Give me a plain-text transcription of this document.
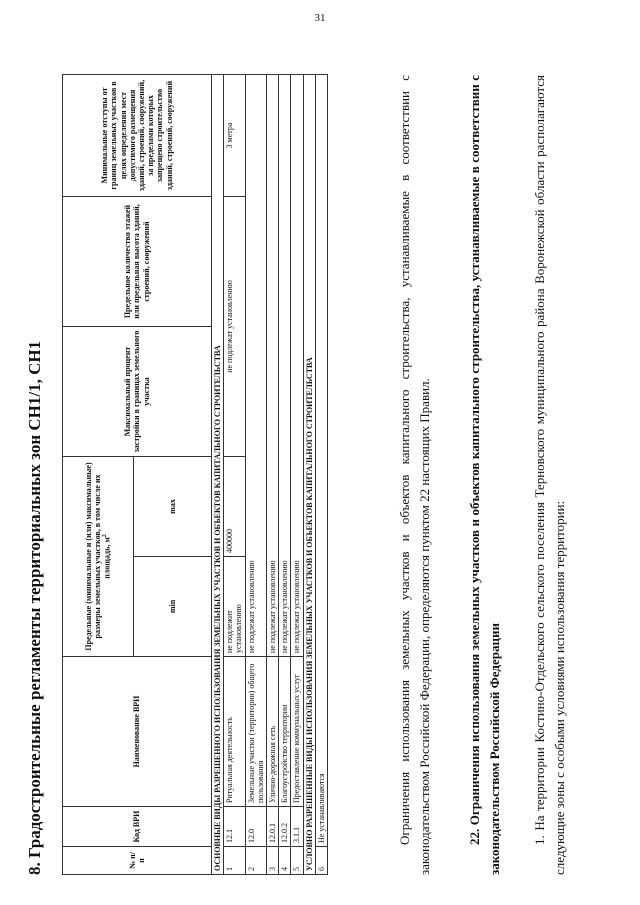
31
8. Градостроительные регламенты территориальных зон СН1/1, СН1	№ п/п	Код ВРИ	Наименование ВРИ	Предельные (минимальные и (или) максимальные) размеры земельных участков, в том числе их площадь, $м^2$		Максимальный процент застройки в границах земельного участка	Предельное количество этажей или предельная высота зданий, строений, сооружений	Минимальные отступы от границ земельных участков в целях определения мест допустимого размещения зданий, строений, сооружений, за пределами которых запрещено строительство зданий, строений, сооружений
			min	max			
ОСНОВНЫЕ ВИДЫ РАЗРЕШЕННОГО ИСПОЛЬЗОВАНИЯ ЗЕМЕЛЬНЫХ УЧАСТКОВ И ОБЪЕКТОВ КАПИТАЛЬНОГО СТРОИТЕЛЬСТВА							
1	12.1	Ритуальная деятельность	не подлежит установлению	400000	не подлежат установлению		3 метра
2	12.0	Земельные участки (территории) общего пользования	не подлежат установлению				
3	12.0.1	Улично-дорожная сеть	не подлежат установлению				
4	12.0.2	Благоустройство территории	не подлежат установлению				
5	3.1.1	Предоставление коммунальных услуг	не подлежат установлению				
УСЛОВНО РАЗРЕШЕННЫЕ ВИДЫ ИСПОЛЬЗОВАНИЯ ЗЕМЕЛЬНЫХ УЧАСТКОВ И ОБЪЕКТОВ КАПИТАЛЬНОГО СТРОИТЕЛЬСТВА							
6	Не устанавливаются							Ограничения использования земельных участков и объектов капитального строительства, устанавливаемые в соответствии с законодательством Российской Федерации, определяются пунктом 22 настоящих Правил.	22. Ограничения использования земельных участков и объектов капитального строительства, устанавливаемые в соответствии с законодательством Российской Федерации 1. На территории Костино-Отдельского сельского поселения Терновского муниципального района Воронежской области располагаются следующие зоны с особыми условиями использования территории:
